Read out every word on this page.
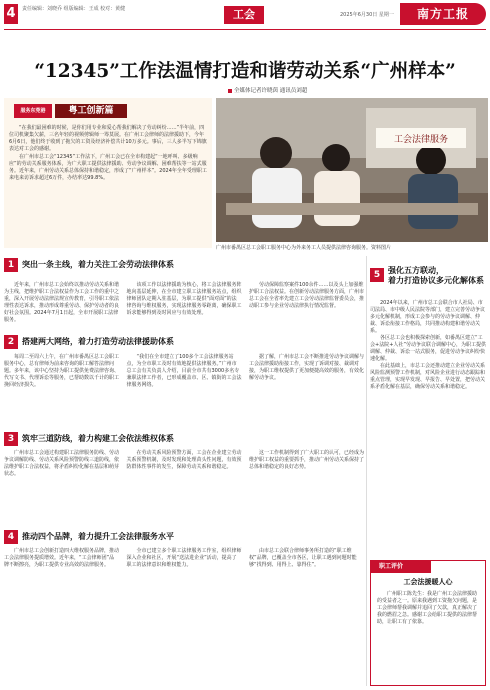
4	责任编辑：刘晓乔 组版编辑：王成 校对：黄健	工会	2025年6月30日 星期一	南方工报
“12345”工作法温情打造和谐劳动关系“广州样本”
全媒体记者许晓茵 通讯员刘超
服务东莞港	粤工创新篇

“在我们最困难的时候，是你们用专业和爱心帮我们解决了劳动纠纷……”半年前，四位司机聚集欠薪，三名年轻的视频剪辑师一筹莫展。在广州工会律师的法律援助下，今年6月6日，他们终于收到了拖欠的工资及经济补偿共计10万多元。事后，三人多半写下锦旗表达对工会的感谢。

在广州市总工会“12345”工作法下，广州工会已在全市构建起“一地呼叫、多级响应”的劳动关系服务体系，为广大职工提供法律援助、劳动争议调解、困难帮扶等一站式服务。近年来，广州劳动关系总体保持和谐稳定，形成了“广州样本”。2024年全年受理职工来电来访诉求超过6万件，办结率达99.8%。

工会法律服务
广州市番禺区总工会职工服务中心为外来务工人员提供法律咨询服务。资料图片
1 突出一条主线，着力关注工会劳动法律体系

近年来，广州市总工会始终以推动劳动关系和谐为主线，把维护职工合法权益作为工会工作的重中之重，深入开展劳动法律法规宣传教育，引导职工依法理性表达诉求，推动形成尊重劳动、保护劳动者的良好社会氛围。2024年7月1日起，全市开展职工法律服务。

该项工作以法律援助为核心，将工会法律服务阵地向基层延伸，在全市建立职工法律服务站点，组织律师团队定期入驻基层，为职工提供“面对面”的法律咨询与维权服务，实现法律服务零距离，确保职工诉求能够得到及时回应与有效处理。

劳动保障监察案件100余件……以及头上加强维护职工合法权益。在创新劳动法律服务方面，广州市总工会在全省率先建立工会劳动法律监督委员会，推动职工参与企业劳动法律执行情况监督。

2 搭建两大网络，着力打造劳动法律援助体系

每周二至周六上午，在广州市番禺区总工会职工服务中心，总有律师为前来咨询的职工解答法律问题。多年来，该中心坚持为职工提供免费法律咨询、代写文书、代理诉讼等服务，已帮助数以千计的职工挽回经济损失。

“我们在全市建立了100多个工会法律服务站点，为全市职工及时有效地提供法律服务。”广州市总工会有关负责人介绍，目前全市共有3000多名专兼职法律工作者，已形成覆盖市、区、镇街的工会法律服务网络。

据了解，广州市总工会不断推进劳动争议调解与工会法律援助衔接工作，实现了诉调对接、裁调对接，为职工维权提供了更加便捷高效的服务，有效化解劳动争议。

3 筑牢三道防线，着力构建工会依法维权体系

广州市总工会通过构建职工法律服务防线、劳动争议调解防线、劳动关系风险预警防线三道防线，依法维护职工合法权益，将矛盾纠纷化解在基层和萌芽状态。

在劳动关系风险预警方面，工会在企业建立劳动关系预警机制，及时发现和处理苗头性问题，有效预防群体性事件的发生，保障劳动关系和谐稳定。

这一工作机制得到了广大职工的认可，已经成为维护职工权益的重要抓手，推动广州劳动关系保持了总体和谐稳定的良好态势。

4 推动四个品牌，着力提升工会法律服务水平

广州市总工会创新打造四大维权服务品牌，推动工会法律服务提质增效。近年来，“工会律师团”品牌不断擦亮，为职工提供专业高效的法律服务。

全市已建立多个职工法律服务工作室，组织律师深入企业和社区，开展“送法进企业”活动，提高了职工的法律意识和维权能力。

由市总工会联合律师事务所打造的“职工维权”品牌，已覆盖全市各区，让职工遇到问题时能够“找得到、用得上、靠得住”。

5 强化五方联动，
着力打造协议多元化解体系

2024年以来，广州市总工会联合市人社局、市司法局、市中级人民法院等部门，建立完善劳动争议多元化解机制，形成工会参与的劳动争议调解、仲裁、诉讼衔接工作格局，共同推动构建和谐劳动关系。

各区总工会也积极探索创新，如番禺区建立“工会+法院+人社”劳动争议联合调解中心，为职工提供调解、仲裁、诉讼一站式服务，促进劳动争议纠纷快速化解。

在此基础上，市总工会还推动建立企业劳动关系风险监测预警工作机制，对风险企业进行动态跟踪和重点管理，实现早发现、早报告、早处置，把劳动关系矛盾化解在基层，确保劳动关系和谐稳定。

职工评价
工会法援暖人心

广州职工陈先生：我是广州工会法律援助的受益者之一。原来我遇到工资拖欠问题，是工会律师帮我调解并追回了欠款，真正解决了我的燃眉之急。感谢工会给职工提供的法律帮助，让职工有了依靠。
